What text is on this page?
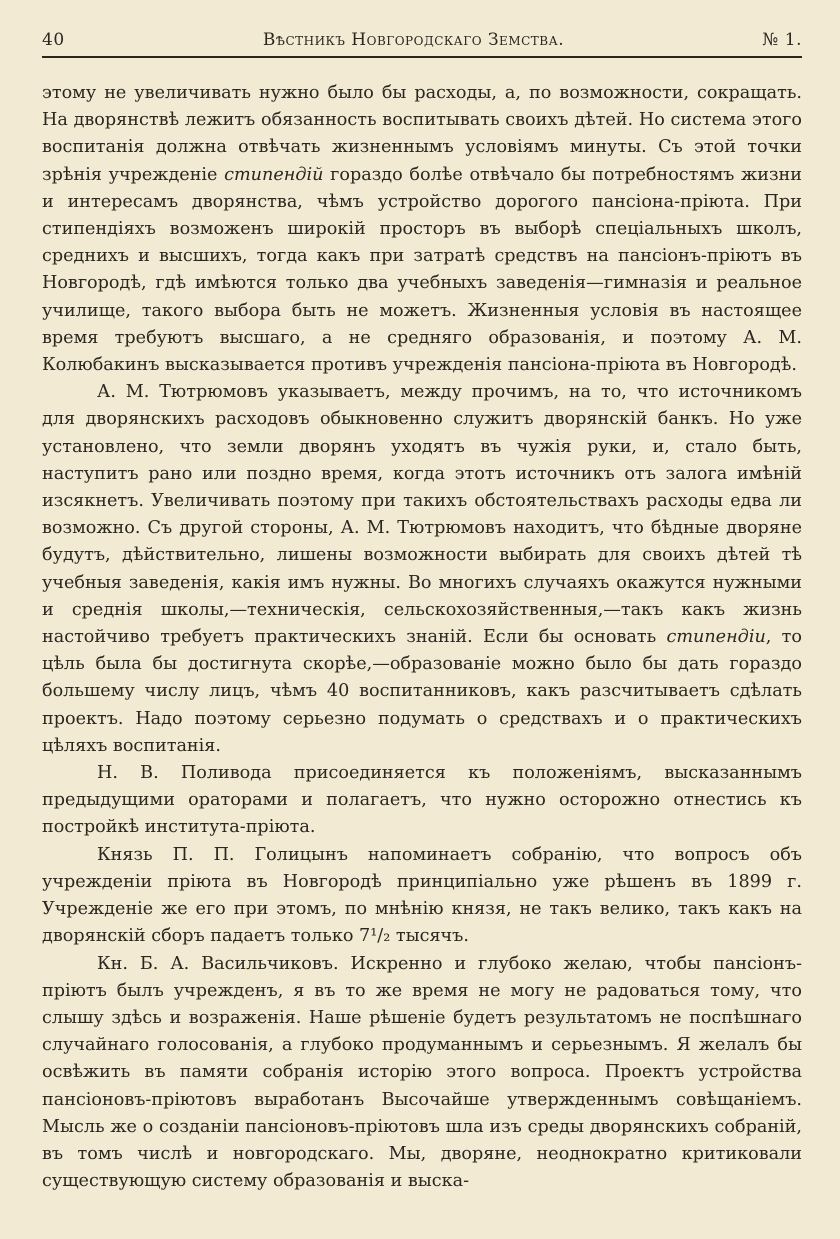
40	Вѣстникъ Новгородскаго Земства.	№ 1.

этому не увеличивать нужно было бы расходы, а, по возможности, сокращать. На дворянствѣ лежитъ обязанность воспитывать своихъ дѣтей. Но система этого воспитанія должна отвѣчать жизненнымъ условіямъ минуты. Съ этой точки зрѣнія учрежденіе стипендій гораздо болѣе отвѣчало бы потребностямъ жизни и интересамъ дворянства, чѣмъ устройство дорогого пансіона-пріюта. При стипендіяхъ возможенъ широкій просторъ въ выборѣ спеціальныхъ школъ, среднихъ и высшихъ, тогда какъ при затратѣ средствъ на пансіонъ-пріютъ въ Новгородѣ, гдѣ имѣются только два учебныхъ заведенія—гимназія и реальное училище, такого выбора быть не можетъ. Жизненныя условія въ настоящее время требуютъ высшаго, а не средняго образованія, и поэтому А. М. Колюбакинъ высказывается противъ учрежденія пансіона-пріюта въ Новгородѣ.

А. М. Тютрюмовъ указываетъ, между прочимъ, на то, что источникомъ для дворянскихъ расходовъ обыкновенно служитъ дворянскій банкъ. Но уже установлено, что земли дворянъ уходятъ въ чужія руки, и, стало быть, наступитъ рано или поздно время, когда этотъ источникъ отъ залога имѣній изсякнетъ. Увеличивать поэтому при такихъ обстоятельствахъ расходы едва ли возможно. Съ другой стороны, А. М. Тютрюмовъ находитъ, что бѣдные дворяне будутъ, дѣйствительно, лишены возможности выбирать для своихъ дѣтей тѣ учебныя заведенія, какія имъ нужны. Во многихъ случаяхъ окажутся нужными и среднія школы,—техническія, сельскохозяйственныя,—такъ какъ жизнь настойчиво требуетъ практическихъ знаній. Если бы основать стипендіи, то цѣль была бы достигнута скорѣе,—образованіе можно было бы дать гораздо большему числу лицъ, чѣмъ 40 воспитанниковъ, какъ разсчитываетъ сдѣлать проектъ. Надо поэтому серьезно подумать о средствахъ и о практическихъ цѣляхъ воспитанія.

Н. В. Поливода присоединяется къ положеніямъ, высказаннымъ предыдущими ораторами и полагаетъ, что нужно осторожно отнестись къ постройкѣ института-пріюта.

Князь П. П. Голицынъ напоминаетъ собранію, что вопросъ объ учрежденіи пріюта въ Новгородѣ принципіально уже рѣшенъ въ 1899 г. Учрежденіе же его при этомъ, по мнѣнію князя, не такъ велико, такъ какъ на дворянскій сборъ падаетъ только 7¹/₂ тысячъ.

Кн. Б. А. Васильчиковъ. Искренно и глубоко желаю, чтобы пансіонъ-пріютъ былъ учрежденъ, я въ то же время не могу не радоваться тому, что слышу здѣсь и возраженія. Наше рѣшеніе будетъ результатомъ не поспѣшнаго случайнаго голосованія, а глубоко продуманнымъ и серьезнымъ. Я желалъ бы освѣжить въ памяти собранія исторію этого вопроса. Проектъ устройства пансіоновъ-пріютовъ выработанъ Высочайше утвержденнымъ совѣщаніемъ. Мысль же о созданіи пансіоновъ-пріютовъ шла изъ среды дворянскихъ собраній, въ томъ числѣ и новгородскаго. Мы, дворяне, неоднократно критиковали существующую систему образованія и выска-
